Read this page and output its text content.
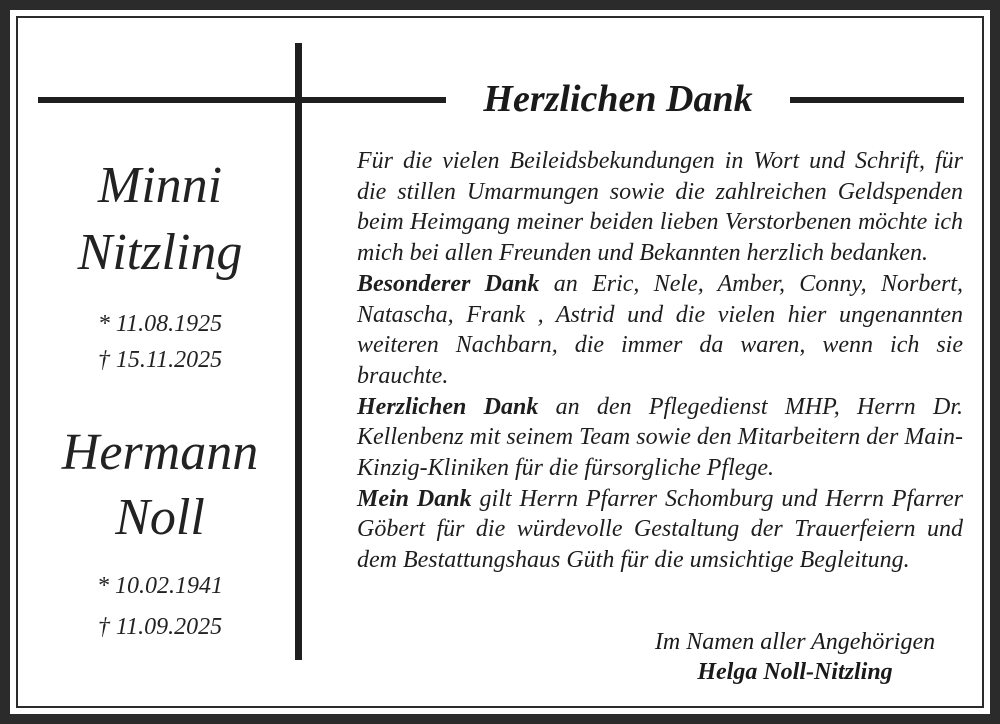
Herzlichen Dank
Minni
Nitzling
* 11.08.1925
† 15.11.2025
Hermann
Noll
* 10.02.1941
† 11.09.2025

Für die vielen Beileidsbekundungen in Wort und Schrift, für die stillen Umarmungen sowie die zahlreichen Geldspenden beim Heimgang meiner beiden lieben Verstorbenen möchte ich mich bei allen Freunden und Bekannten herzlich bedanken.

Besonderer Dank an Eric, Nele, Amber, Conny, Norbert, Natascha, Frank , Astrid und die vielen hier ungenannten weiteren Nachbarn, die immer da waren, wenn ich sie brauchte.

Herzlichen Dank an den Pflegedienst MHP, Herrn Dr. Kellenbenz mit seinem Team sowie den Mitarbeitern der Main-Kinzig-Kliniken für die fürsorgliche Pflege.

Mein Dank gilt Herrn Pfarrer Schomburg und Herrn Pfarrer Göbert für die würdevolle Gestaltung der Trauerfeiern und dem Bestattungshaus Güth für die umsichtige Begleitung.

Im Namen aller Angehörigen
Helga Noll-Nitzling
